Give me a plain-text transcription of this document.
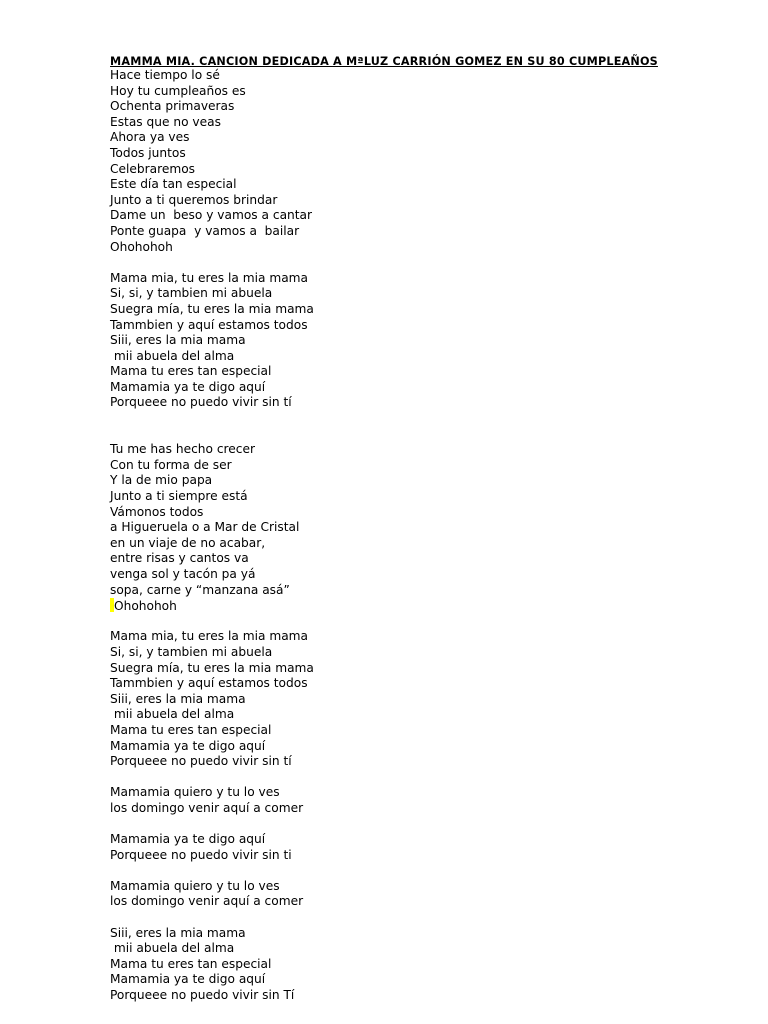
MAMMA MIA. CANCION DEDICADA A MªLUZ CARRIÓN GOMEZ EN SU 80 CUMPLEAÑOS
Hace tiempo lo sé
Hoy tu cumpleaños es
Ochenta primaveras
Estas que no veas
Ahora ya ves
Todos juntos
Celebraremos
Este día tan especial
Junto a ti queremos brindar
Dame un  beso y vamos a cantar
Ponte guapa  y vamos a  bailar
Ohohohoh
Mama mia, tu eres la mia mama
Si, si, y tambien mi abuela
Suegra mía, tu eres la mia mama
Tammbien y aquí estamos todos
Siii, eres la mia mama
mii abuela del alma
Mama tu eres tan especial
Mamamia ya te digo aquí
Porqueee no puedo vivir sin tí
Tu me has hecho crecer
Con tu forma de ser
Y la de mio papa
Junto a ti siempre está
Vámonos todos
a Higueruela o a Mar de Cristal
en un viaje de no acabar,
entre risas y cantos va
venga sol y tacón pa yá
sopa, carne y “manzana asá”
Ohohohoh
Mama mia, tu eres la mia mama
Si, si, y tambien mi abuela
Suegra mía, tu eres la mia mama
Tammbien y aquí estamos todos
Siii, eres la mia mama
mii abuela del alma
Mama tu eres tan especial
Mamamia ya te digo aquí
Porqueee no puedo vivir sin tí
Mamamia quiero y tu lo ves
los domingo venir aquí a comer
Mamamia ya te digo aquí
Porqueee no puedo vivir sin ti
Mamamia quiero y tu lo ves
los domingo venir aquí a comer
Siii, eres la mia mama
mii abuela del alma
Mama tu eres tan especial
Mamamia ya te digo aquí
Porqueee no puedo vivir sin Tí
